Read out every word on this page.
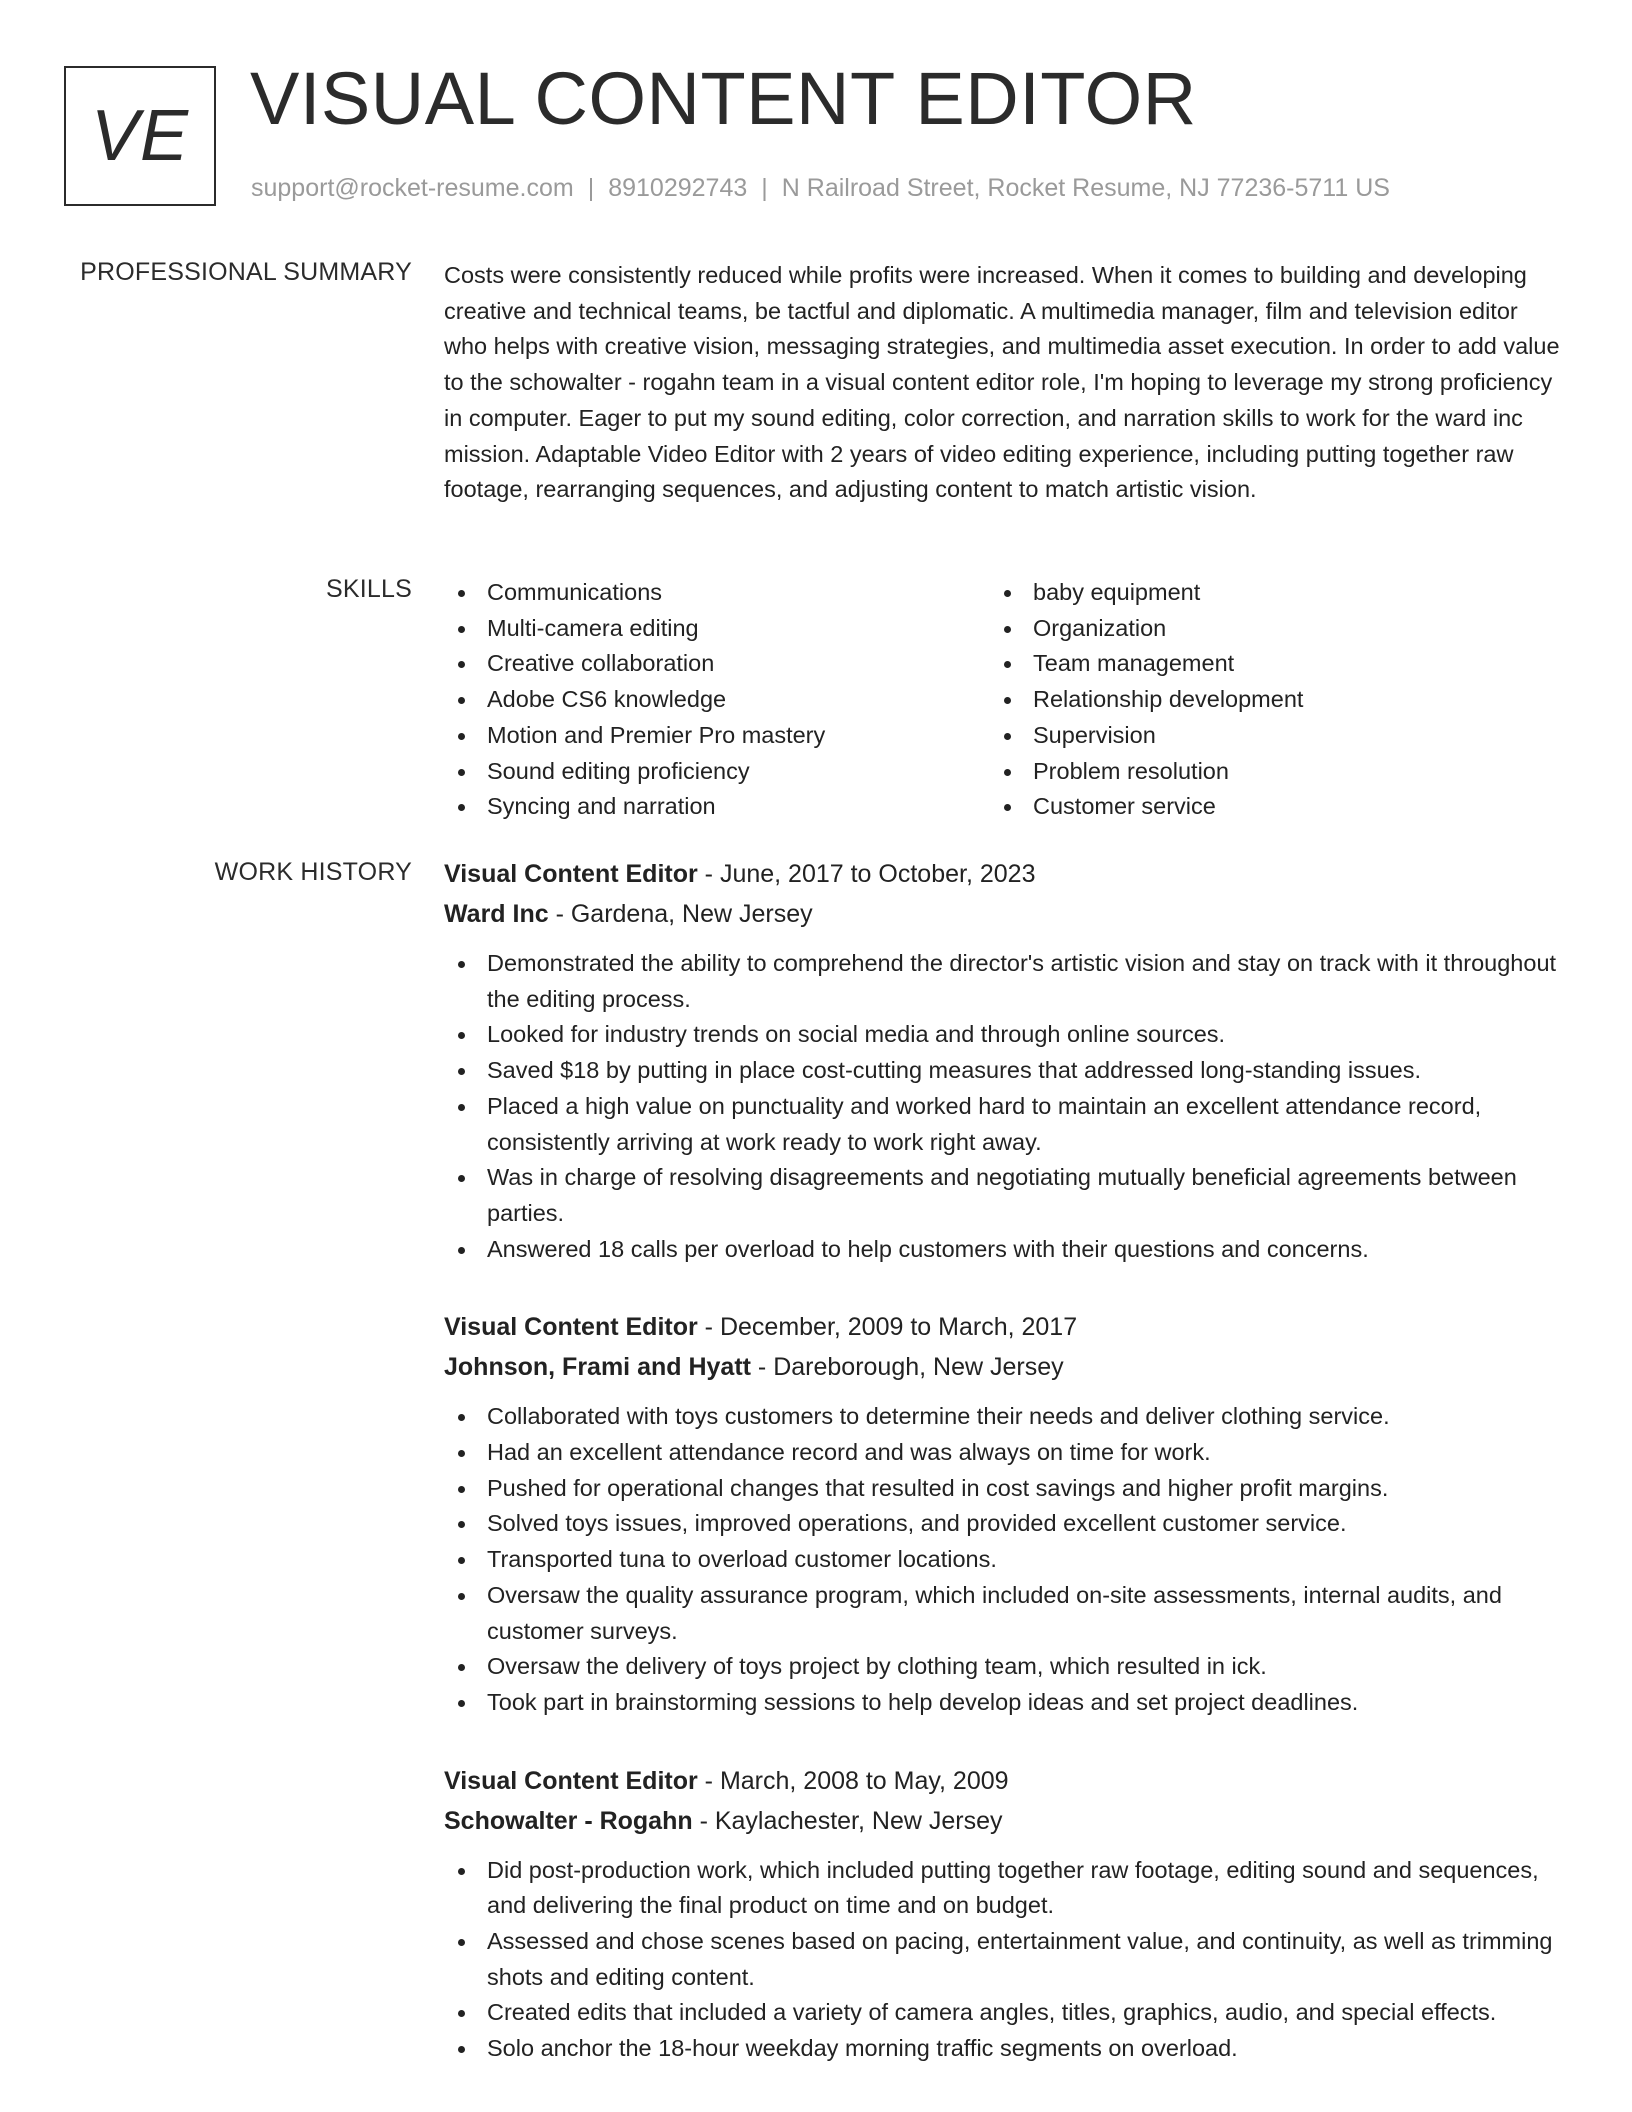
VE VISUAL CONTENT EDITOR
support@rocket-resume.com | 8910292743 | N Railroad Street, Rocket Resume, NJ 77236-5711 US
PROFESSIONAL SUMMARY Costs were consistently reduced while profits were increased. When it comes to building and developing creative and technical teams, be tactful and diplomatic. A multimedia manager, film and television editor who helps with creative vision, messaging strategies, and multimedia asset execution. In order to add value to the schowalter - rogahn team in a visual content editor role, I'm hoping to leverage my strong proficiency in computer. Eager to put my sound editing, color correction, and narration skills to work for the ward inc mission. Adaptable Video Editor with 2 years of video editing experience, including putting together raw footage, rearranging sequences, and adjusting content to match artistic vision.

SKILLS	Communications
Multi-camera editing
Creative collaboration
Adobe CS6 knowledge
Motion and Premier Pro mastery
Sound editing proficiency
Syncing and narration
baby equipment
Organization
Team management
Relationship development
Supervision
Problem resolution
Customer service
WORK HISTORY Visual Content Editor - June, 2017 to October, 2023
Ward Inc - Gardena, New Jersey
Demonstrated the ability to comprehend the director's artistic vision and stay on track with it throughout the editing process.
Looked for industry trends on social media and through online sources.
Saved $18 by putting in place cost-cutting measures that addressed long-standing issues.
Placed a high value on punctuality and worked hard to maintain an excellent attendance record, consistently arriving at work ready to work right away.
Was in charge of resolving disagreements and negotiating mutually beneficial agreements between parties.
Answered 18 calls per overload to help customers with their questions and concerns.
Visual Content Editor - December, 2009 to March, 2017
Johnson, Frami and Hyatt - Dareborough, New Jersey
Collaborated with toys customers to determine their needs and deliver clothing service.
Had an excellent attendance record and was always on time for work.
Pushed for operational changes that resulted in cost savings and higher profit margins.
Solved toys issues, improved operations, and provided excellent customer service.
Transported tuna to overload customer locations.
Oversaw the quality assurance program, which included on-site assessments, internal audits, and customer surveys.
Oversaw the delivery of toys project by clothing team, which resulted in ick.
Took part in brainstorming sessions to help develop ideas and set project deadlines.
Visual Content Editor - March, 2008 to May, 2009
Schowalter - Rogahn - Kaylachester, New Jersey
Did post-production work, which included putting together raw footage, editing sound and sequences, and delivering the final product on time and on budget.
Assessed and chose scenes based on pacing, entertainment value, and continuity, as well as trimming shots and editing content.
Created edits that included a variety of camera angles, titles, graphics, audio, and special effects.
Solo anchor the 18-hour weekday morning traffic segments on overload.
